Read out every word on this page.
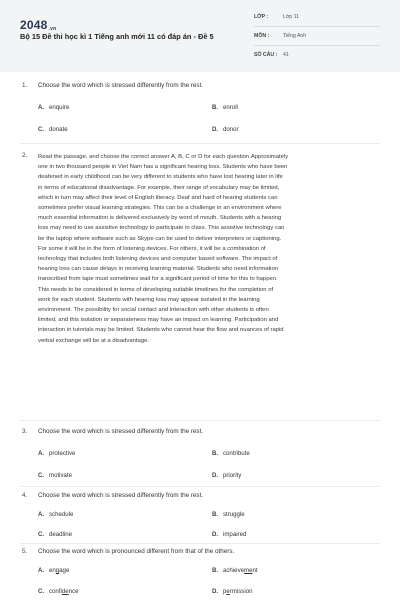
$2048_{.vn}$
Bộ 15 Đề thi học kì 1 Tiếng anh mới 11 có đáp án - Đề 5
LỚP :	Lớp 11
MÔN :	Tiếng Anh
SỐ CÂU :	41
1. Choose the word which is stressed differently from the rest.
A. enquire	B. enroll
C. donate	D. donor
2. Read the passage, and choose the correct answer A, B, C or D for each question.Approximately
one in two thousand people in Viet Nam has a significant hearing loss. Students who have been
deafened in early childhood can be very different to students who have lost hearing later in life
in terms of educational disadvantage. For example, their range of vocabulary may be limited,
which in turn may affect their level of English literacy. Deaf and hard of hearing students can
sometimes prefer visual learning strategies. This can be a challenge in an environment where
much essential information is delivered exclusively by word of mouth. Students with a hearing
loss may need to use assistive technology to participate in class. This assistive technology can
be the laptop where software such as Skype can be used to deliver interpreters or captioning.
For some it will be in the form of listening devices. For others, it will be a combination of
technology that includes both listening devices and computer based software. The impact of
hearing loss can cause delays in receiving learning material. Students who need information
transcribed from tape must sometimes wait for a significant period of time for this to happen.
This needs to be considered in terms of developing suitable timelines for the completion of
work for each student. Students with hearing loss may appear isolated in the learning
environment. The possibility for social contact and interaction with other students is often
limited, and this isolation or separateness may have an impact on learning. Participation and
interaction in tutorials may be limited. Students who cannot hear the flow and nuances of rapid
verbal exchange will be at a disadvantage.
3. Choose the word which is stressed differently from the rest.
A. protective	B. contribute
C. motivate	D. priority
4. Choose the word which is stressed differently from the rest.
A. schedule	B. struggle
C. deadline	D. impaired
5. Choose the word which is pronounced different from that of the others.
A. engage	B. achievement
C. confidence	D. permission
